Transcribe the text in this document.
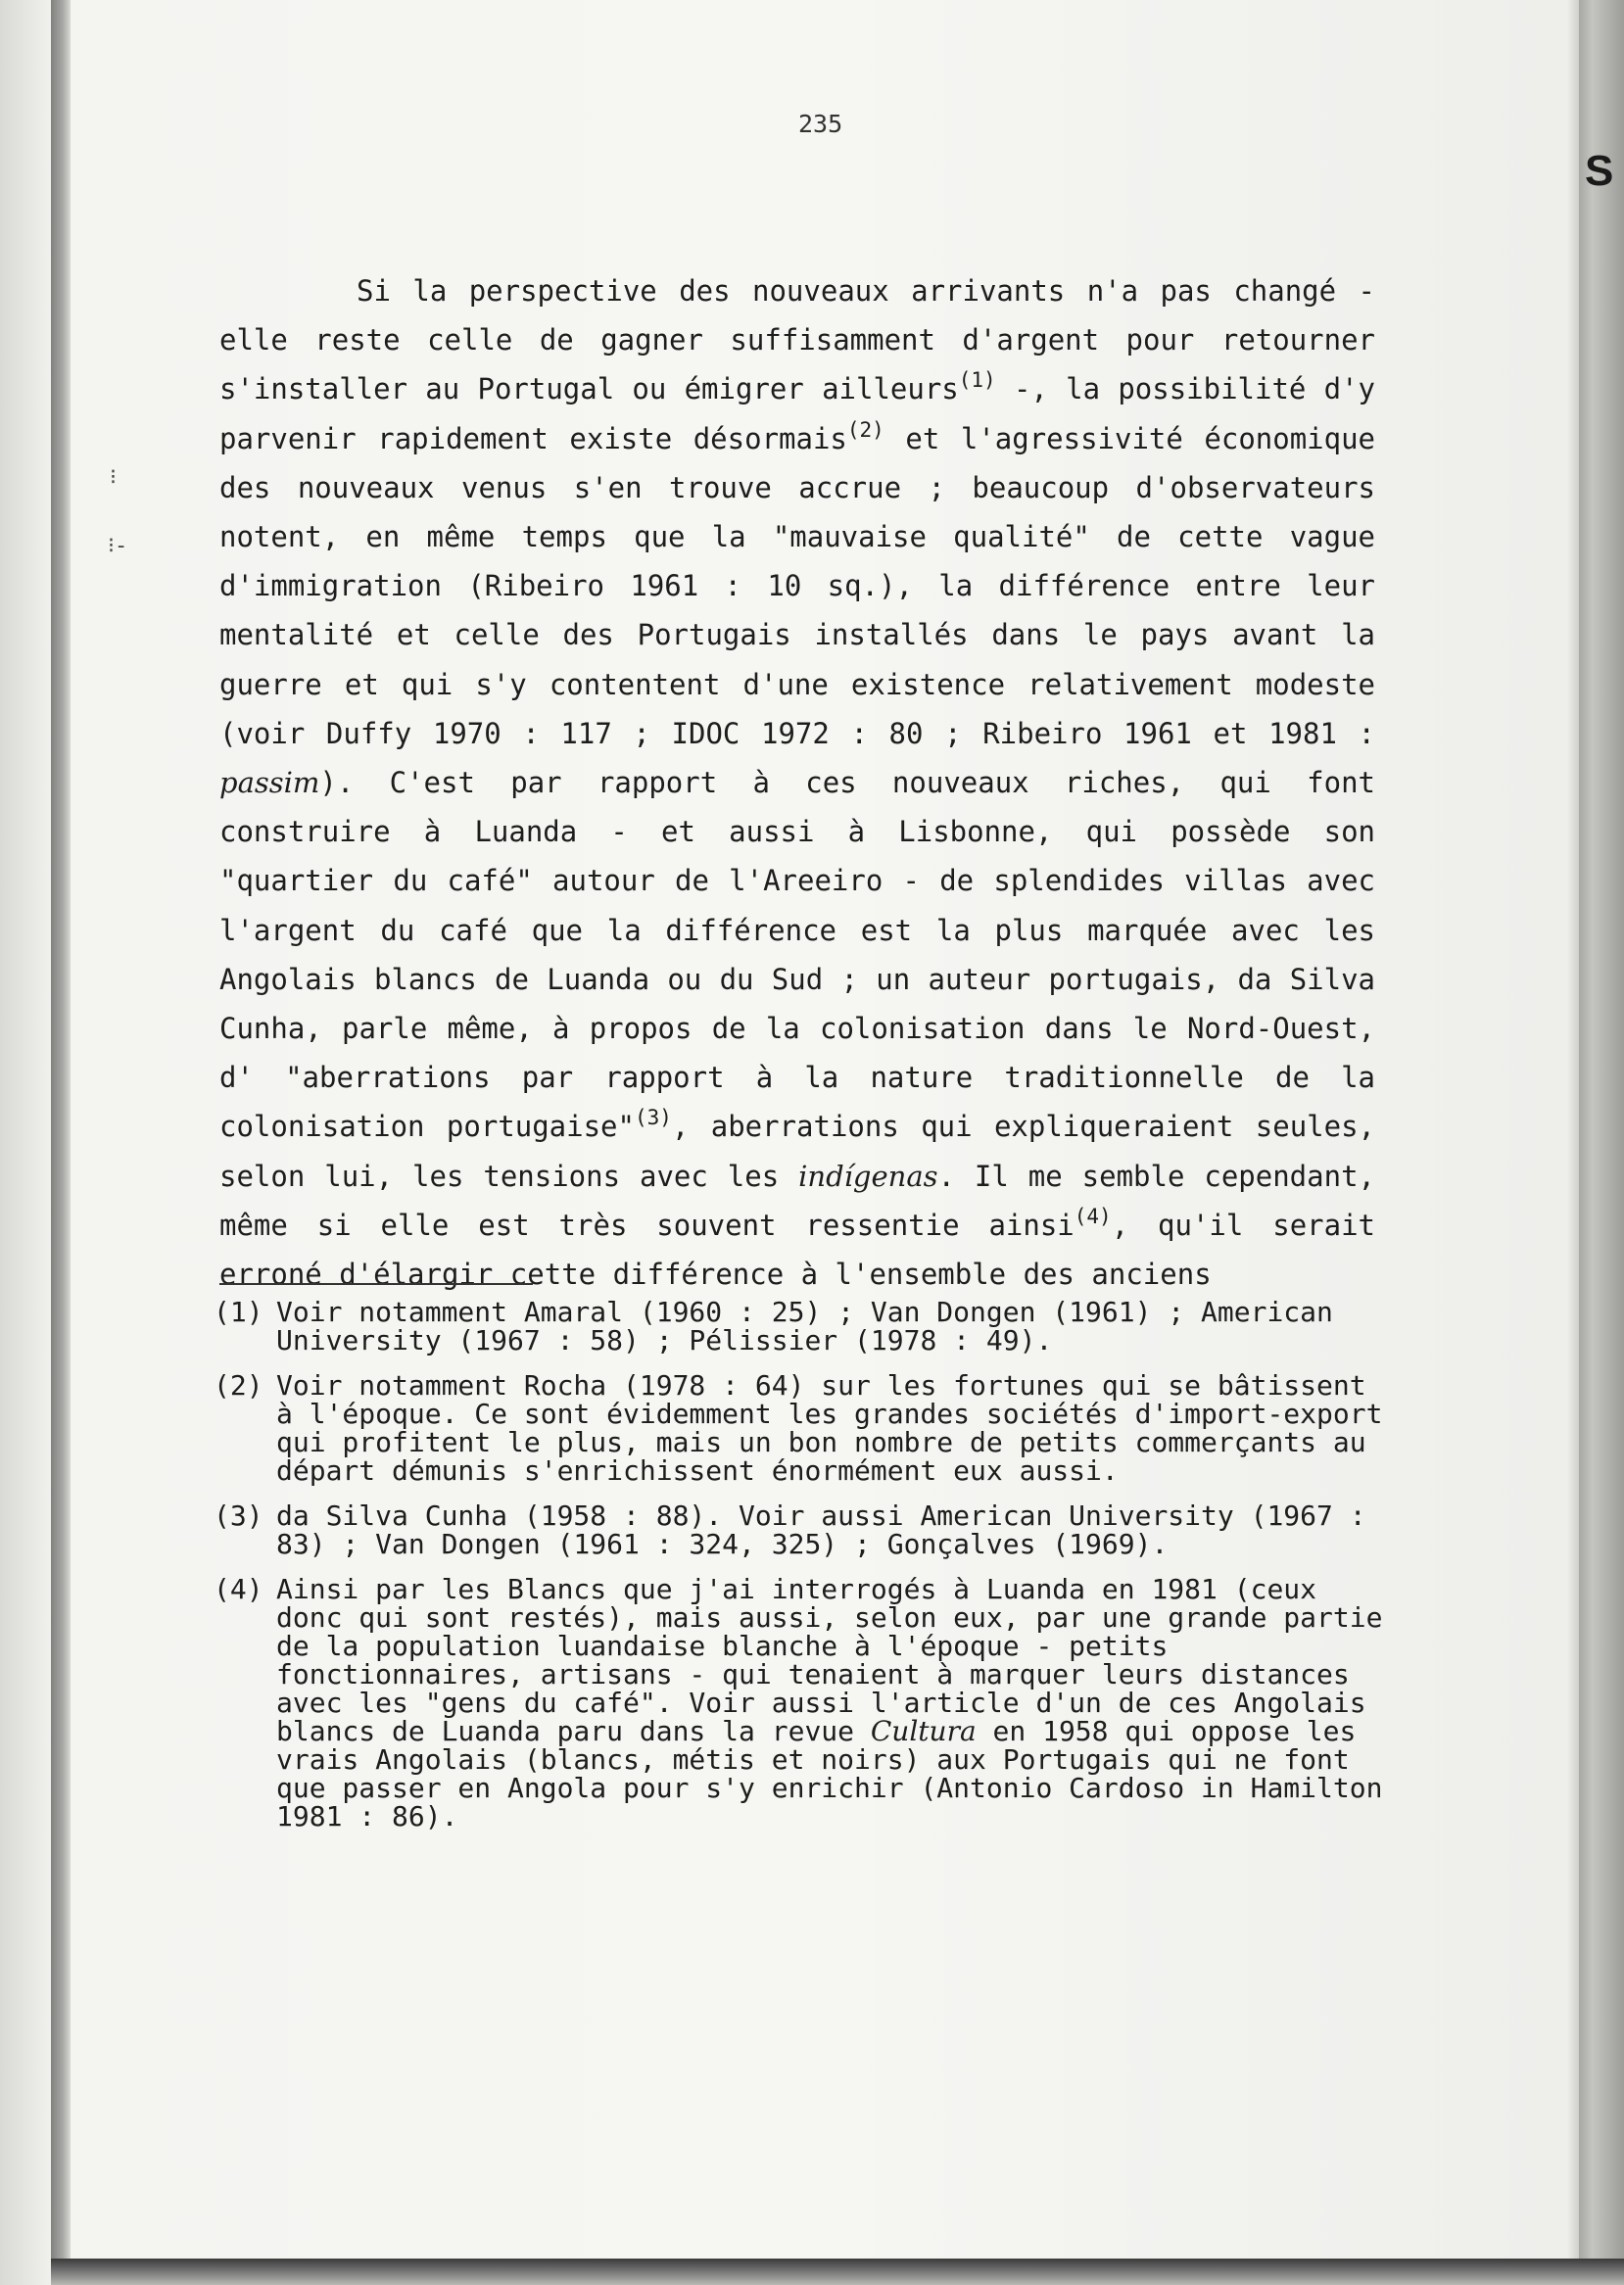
S
⁝
⁝-
235

Si la perspective des nouveaux arrivants n'a pas changé - elle reste celle de gagner suffisamment d'argent pour retourner s'installer au Portugal ou émigrer ailleurs$^{(1)}$ -, la possibilité d'y parvenir rapidement existe désormais$^{(2)}$ et l'agressivité économique des nouveaux venus s'en trouve accrue ; beaucoup d'observateurs notent, en même temps que la "mauvaise qualité" de cette vague d'immigration (Ribeiro 1961 : 10 sq.), la différence entre leur mentalité et celle des Portugais installés dans le pays avant la guerre et qui s'y contentent d'une existence relativement modeste (voir Duffy 1970 : 117 ; IDOC 1972 : 80 ; Ribeiro 1961 et 1981 : passim). C'est par rapport à ces nouveaux riches, qui font construire à Luanda - et aussi à Lisbonne, qui possède son "quartier du café" autour de l'Areeiro - de splendides villas avec l'argent du café que la différence est la plus marquée avec les Angolais blancs de Luanda ou du Sud ; un auteur portugais, da Silva Cunha, parle même, à propos de la colonisation dans le Nord-Ouest, d' "aberrations par rapport à la nature traditionnelle de la colonisation portugaise"$^{(3)}$, aberrations qui expliqueraient seules, selon lui, les tensions avec les indígenas. Il me semble cependant, même si elle est très souvent ressentie ainsi$^{(4)}$, qu'il serait erroné d'élargir cette différence à l'ensemble des anciens

(1) Voir notamment Amaral (1960 : 25) ; Van Dongen (1961) ; American University (1967 : 58) ; Pélissier (1978 : 49).
(2) Voir notamment Rocha (1978 : 64) sur les fortunes qui se bâtissent à l'époque. Ce sont évidemment les grandes sociétés d'import-export qui profitent le plus, mais un bon nombre de petits commerçants au départ démunis s'enrichissent énormément eux aussi.
(3) da Silva Cunha (1958 : 88). Voir aussi American University (1967 : 83) ; Van Dongen (1961 : 324, 325) ; Gonçalves (1969).
(4) Ainsi par les Blancs que j'ai interrogés à Luanda en 1981 (ceux donc qui sont restés), mais aussi, selon eux, par une grande partie de la population luandaise blanche à l'époque - petits fonctionnaires, artisans - qui tenaient à marquer leurs distances avec les "gens du café". Voir aussi l'article d'un de ces Angolais blancs de Luanda paru dans la revue Cultura en 1958 qui oppose les vrais Angolais (blancs, métis et noirs) aux Portugais qui ne font que passer en Angola pour s'y enrichir (Antonio Cardoso in Hamilton 1981 : 86).
